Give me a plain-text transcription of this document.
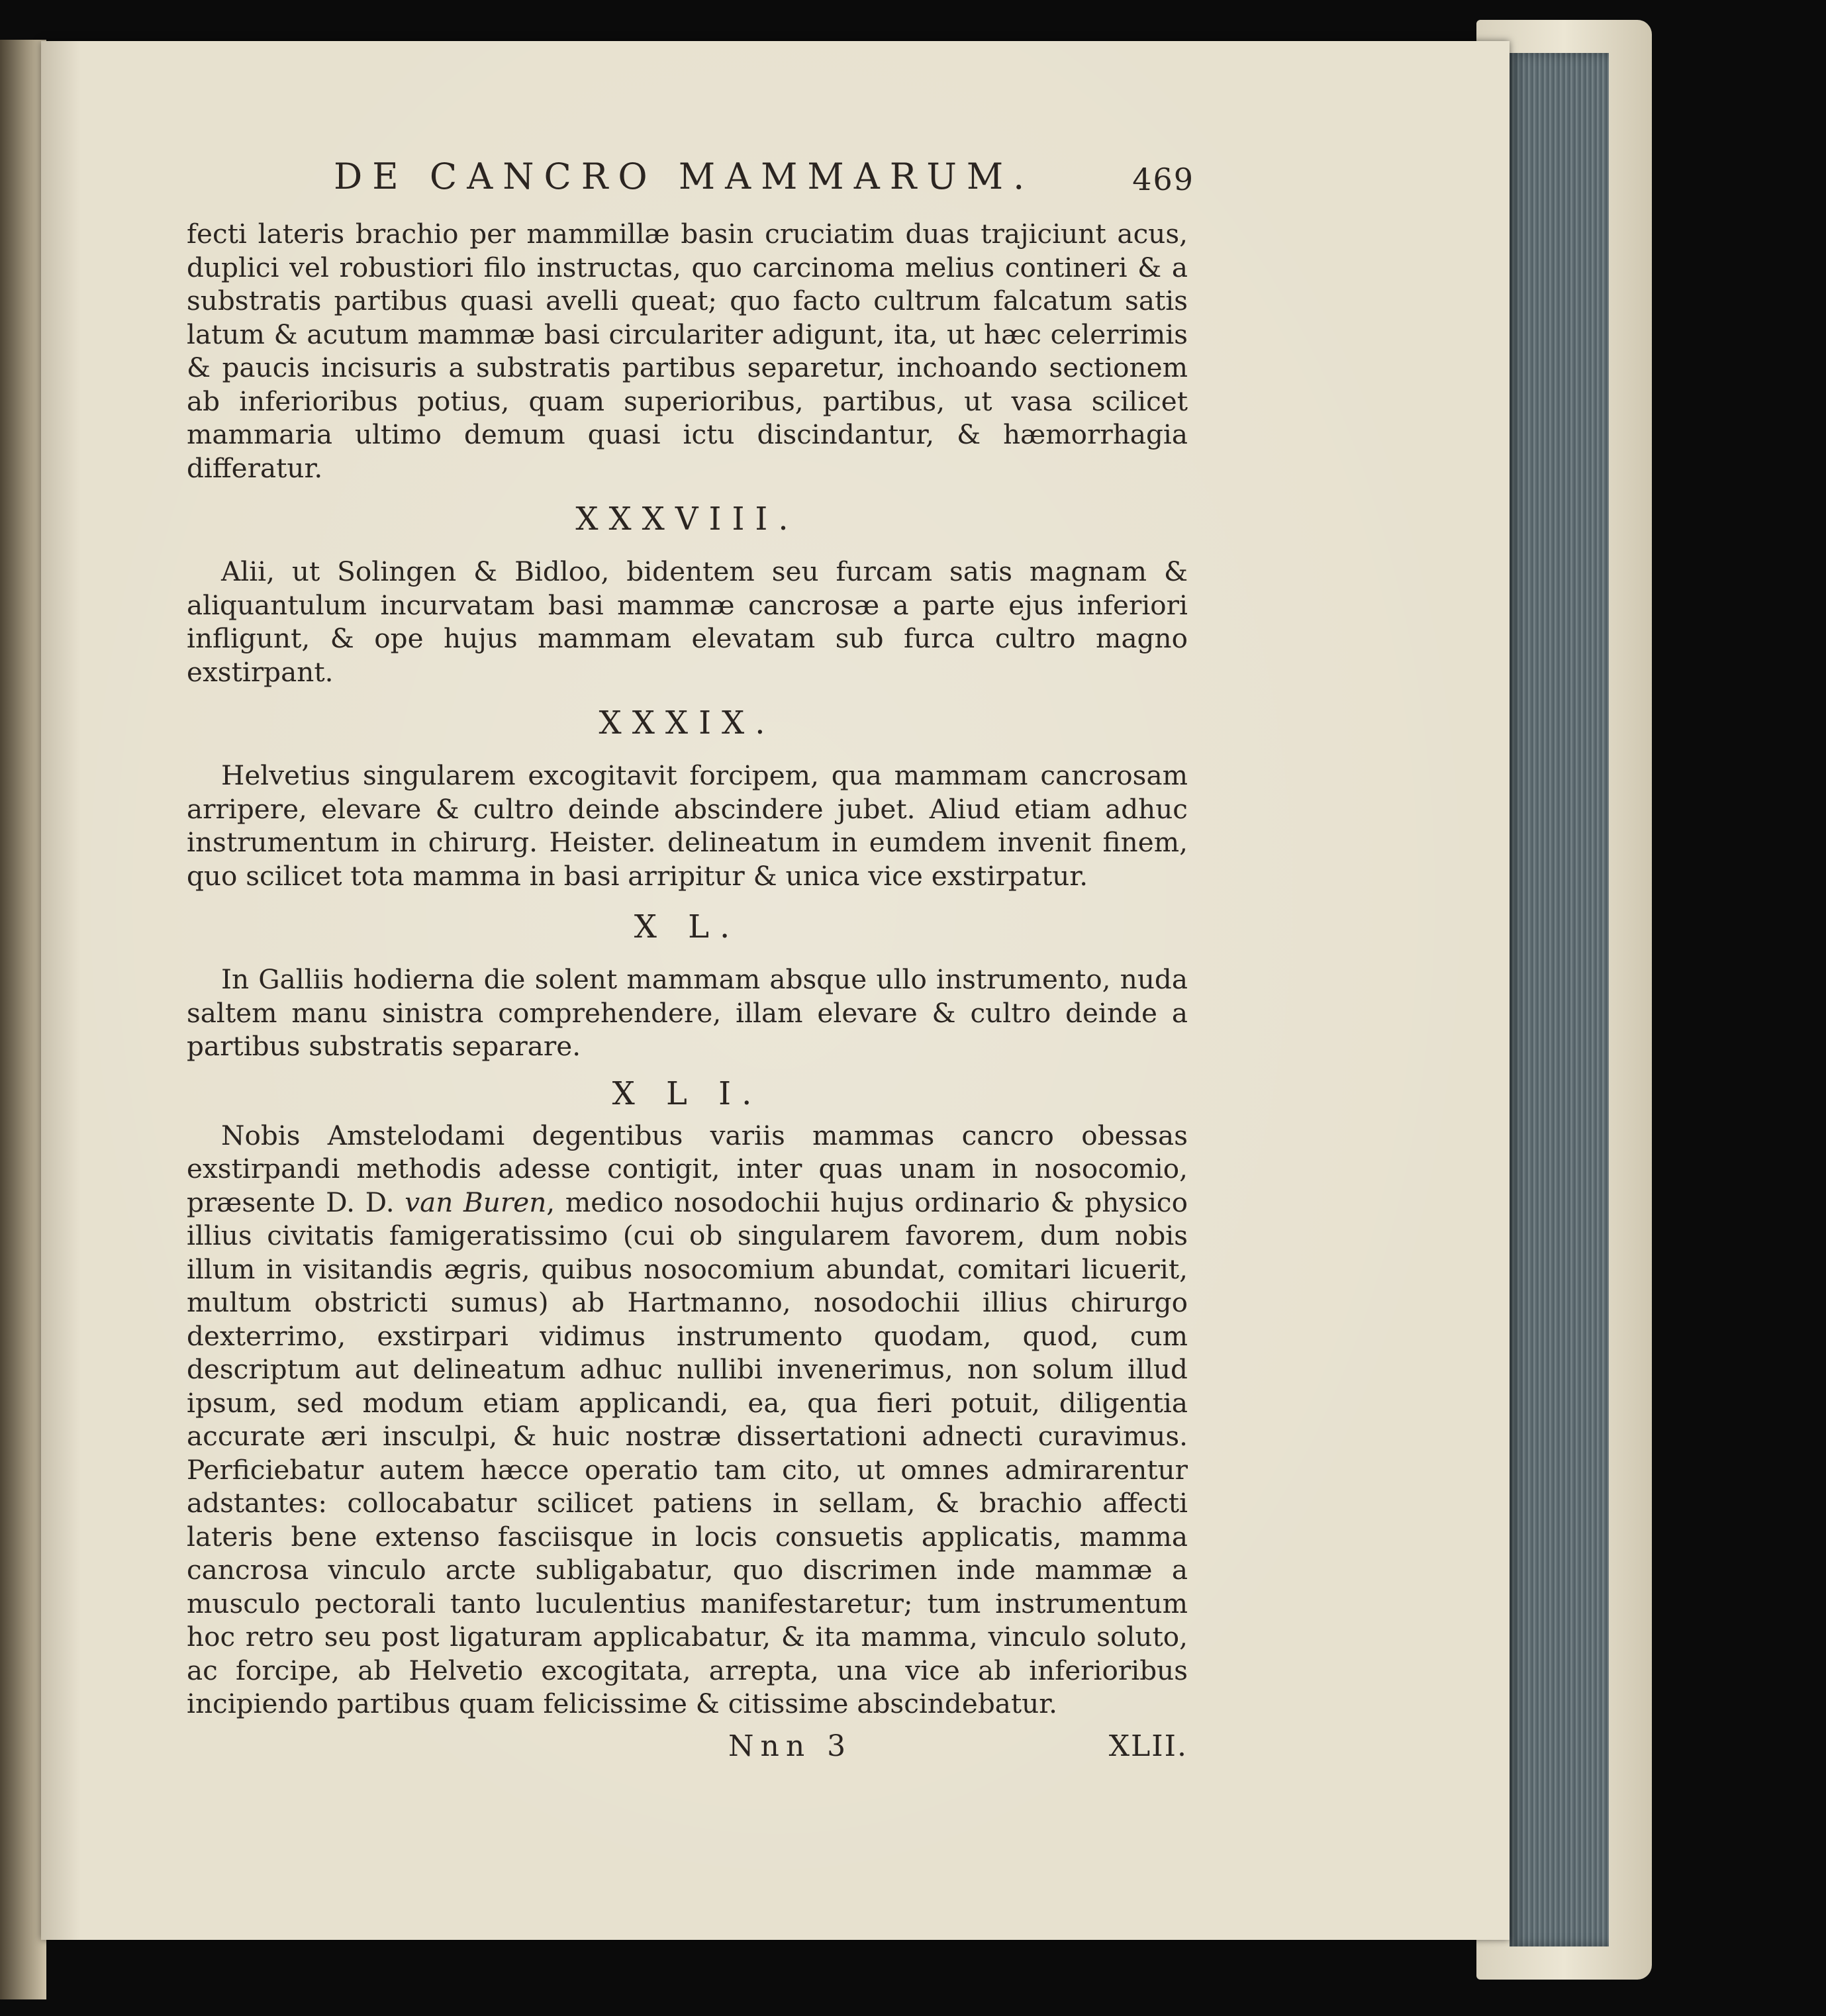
DE CANCRO MAMMARUM.	469

fecti lateris brachio per mammillæ basin cruciatim duas trajiciunt acus, duplici vel robustiori filo instructas, quo carcinoma melius contineri & a substratis partibus quasi avelli queat; quo facto cultrum falcatum satis latum & acutum mammæ basi circulariter adigunt, ita, ut hæc celerrimis & paucis incisuris a substratis partibus separetur, inchoando sectionem ab inferioribus potius, quam superioribus, partibus, ut vasa scilicet mammaria ultimo demum quasi ictu discindantur, & hæmorrhagia differatur.

XXXVIII.

Alii, ut Solingen & Bidloo, bidentem seu furcam satis magnam & aliquantulum incurvatam basi mammæ cancrosæ a parte ejus inferiori infligunt, & ope hujus mammam elevatam sub furca cultro magno exstirpant.

XXXIX.

Helvetius singularem excogitavit forcipem, qua mammam cancrosam arripere, elevare & cultro deinde abscindere jubet. Aliud etiam adhuc instrumentum in chirurg. Heister. delineatum in eumdem invenit finem, quo scilicet tota mamma in basi arripitur & unica vice exstirpatur.

X L.

In Galliis hodierna die solent mammam absque ullo instrumento, nuda saltem manu sinistra comprehendere, illam elevare & cultro deinde a partibus substratis separare.

X L I.

Nobis Amstelodami degentibus variis mammas cancro obessas exstirpandi methodis adesse contigit, inter quas unam in nosocomio, præsente D. D. van Buren, medico nosodochii hujus ordinario & physico illius civitatis famigeratissimo (cui ob singularem favorem, dum nobis illum in visitandis ægris, quibus nosocomium abundat, comitari licuerit, multum obstricti sumus) ab Hartmanno, nosodochii illius chirurgo dexterrimo, exstirpari vidimus instrumento quodam, quod, cum descriptum aut delineatum adhuc nullibi invenerimus, non solum illud ipsum, sed modum etiam applicandi, ea, qua fieri potuit, diligentia accurate æri insculpi, & huic nostræ dissertationi adnecti curavimus. Perficiebatur autem hæcce operatio tam cito, ut omnes admirarentur adstantes: collocabatur scilicet patiens in sellam, & brachio affecti lateris bene extenso fasciisque in locis consuetis applicatis, mamma cancrosa vinculo arcte subligabatur, quo discrimen inde mammæ a musculo pectorali tanto luculentius manifestaretur; tum instrumentum hoc retro seu post ligaturam applicabatur, & ita mamma, vinculo soluto, ac forcipe, ab Helvetio excogitata, arrepta, una vice ab inferioribus incipiendo partibus quam felicissime & citissime abscindebatur.

Nnn 3	XLII.
